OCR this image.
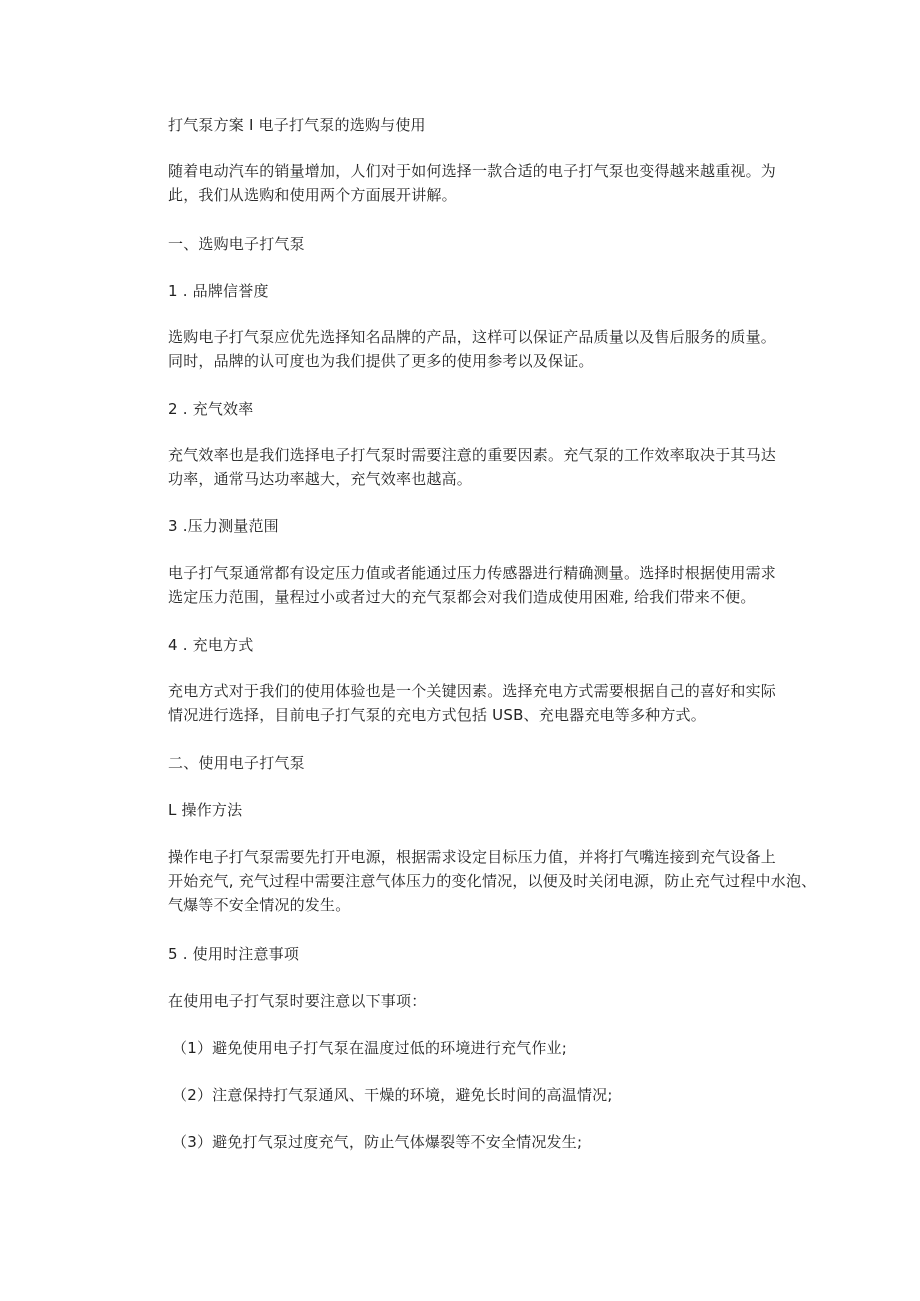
打气泵方案 I 电子打气泵的选购与使用
随着电动汽车的销量增加，人们对于如何选择一款合适的电子打气泵也变得越来越重视。为
此，我们从选购和使用两个方面展开讲解。
一、选购电子打气泵
1 . 品牌信誉度
选购电子打气泵应优先选择知名品牌的产品，这样可以保证产品质量以及售后服务的质量。
同时，品牌的认可度也为我们提供了更多的使用参考以及保证。
2 . 充气效率
充气效率也是我们选择电子打气泵时需要注意的重要因素。充气泵的工作效率取决于其马达
功率，通常马达功率越大，充气效率也越高。
3 .压力测量范围
电子打气泵通常都有设定压力值或者能通过压力传感器进行精确测量。选择时根据使用需求
选定压力范围，量程过小或者过大的充气泵都会对我们造成使用困难, 给我们带来不便。
4 . 充电方式
充电方式对于我们的使用体验也是一个关键因素。选择充电方式需要根据自己的喜好和实际
情况进行选择，目前电子打气泵的充电方式包括 USB、充电器充电等多种方式。
二、使用电子打气泵
L 操作方法
操作电子打气泵需要先打开电源，根据需求设定目标压力值，并将打气嘴连接到充气设备上
开始充气, 充气过程中需要注意气体压力的变化情况，以便及时关闭电源，防止充气过程中水泡、
气爆等不安全情况的发生。
5 . 使用时注意事项
在使用电子打气泵时要注意以下事项：
（1）避免使用电子打气泵在温度过低的环境进行充气作业;
（2）注意保持打气泵通风、干燥的环境，避免长时间的高温情况;
（3）避免打气泵过度充气，防止气体爆裂等不安全情况发生;
